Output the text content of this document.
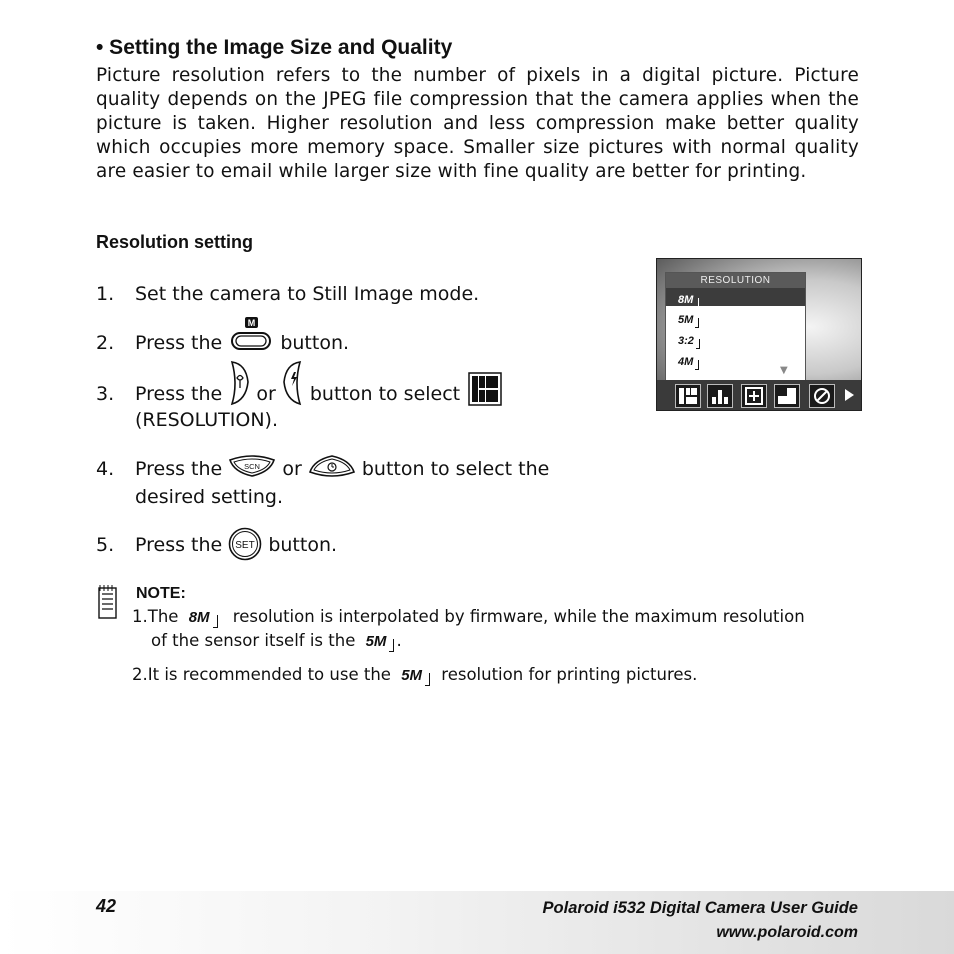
• Setting the Image Size and Quality
Picture resolution refers to the number of pixels in a digital picture. Picture quality depends on the JPEG file compression that the camera applies when the picture is taken. Higher resolution and less compression make better quality which occupies more memory space. Smaller size pictures with normal quality are easier to email while larger size with fine quality are better for printing.
Resolution setting
1. Set the camera to Still Image mode.
2. Press the
M
button.
3. Press the or button to select
(RESOLUTION).
4. Press the	SCN or	button to select the
desired setting.
5. Press the SET button.
RESOLUTION
8M
5M
3:2
4M
▼
NOTE:
1.The 8M resolution is interpolated by firmware, while the maximum resolution
of the sensor itself is the 5M .
2.It is recommended to use the 5M resolution for printing pictures.
42	Polaroid i532 Digital Camera User Guide
www.polaroid.com
